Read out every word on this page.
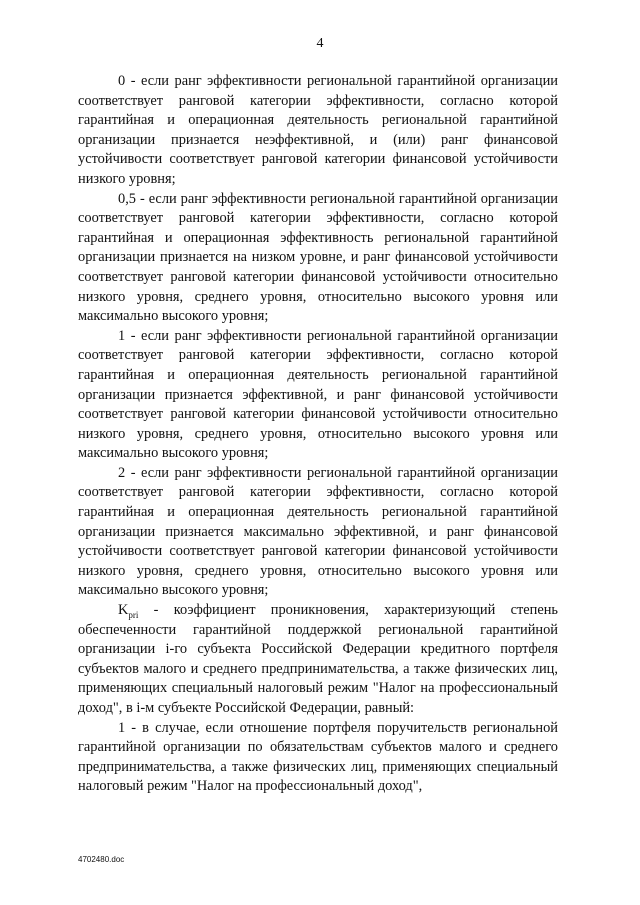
4

0 - если ранг эффективности региональной гарантийной организации соответствует ранговой категории эффективности, согласно которой гарантийная и операционная деятельность региональной гарантийной организации признается неэффективной, и (или) ранг финансовой устойчивости соответствует ранговой категории финансовой устойчивости низкого уровня;

0,5 - если ранг эффективности региональной гарантийной организации соответствует ранговой категории эффективности, согласно которой гарантийная и операционная эффективность региональной гарантийной организации признается на низком уровне, и ранг финансовой устойчивости соответствует ранговой категории финансовой устойчивости относительно низкого уровня, среднего уровня, относительно высокого уровня или максимально высокого уровня;

1 - если ранг эффективности региональной гарантийной организации соответствует ранговой категории эффективности, согласно которой гарантийная и операционная деятельность региональной гарантийной организации признается эффективной, и ранг финансовой устойчивости соответствует ранговой категории финансовой устойчивости относительно низкого уровня, среднего уровня, относительно высокого уровня или максимально высокого уровня;

2 - если ранг эффективности региональной гарантийной организации соответствует ранговой категории эффективности, согласно которой гарантийная и операционная деятельность региональной гарантийной организации признается максимально эффективной, и ранг финансовой устойчивости соответствует ранговой категории финансовой устойчивости низкого уровня, среднего уровня, относительно высокого уровня или максимально высокого уровня;

$K_{pri}$ - коэффициент проникновения, характеризующий степень обеспеченности гарантийной поддержкой региональной гарантийной организации i-го субъекта Российской Федерации кредитного портфеля субъектов малого и среднего предпринимательства, а также физических лиц, применяющих специальный налоговый режим "Налог на профессиональный доход", в i-м субъекте Российской Федерации, равный:

1 - в случае, если отношение портфеля поручительств региональной гарантийной организации по обязательствам субъектов малого и среднего предпринимательства, а также физических лиц, применяющих специальный налоговый режим "Налог на профессиональный доход",

4702480.doc
